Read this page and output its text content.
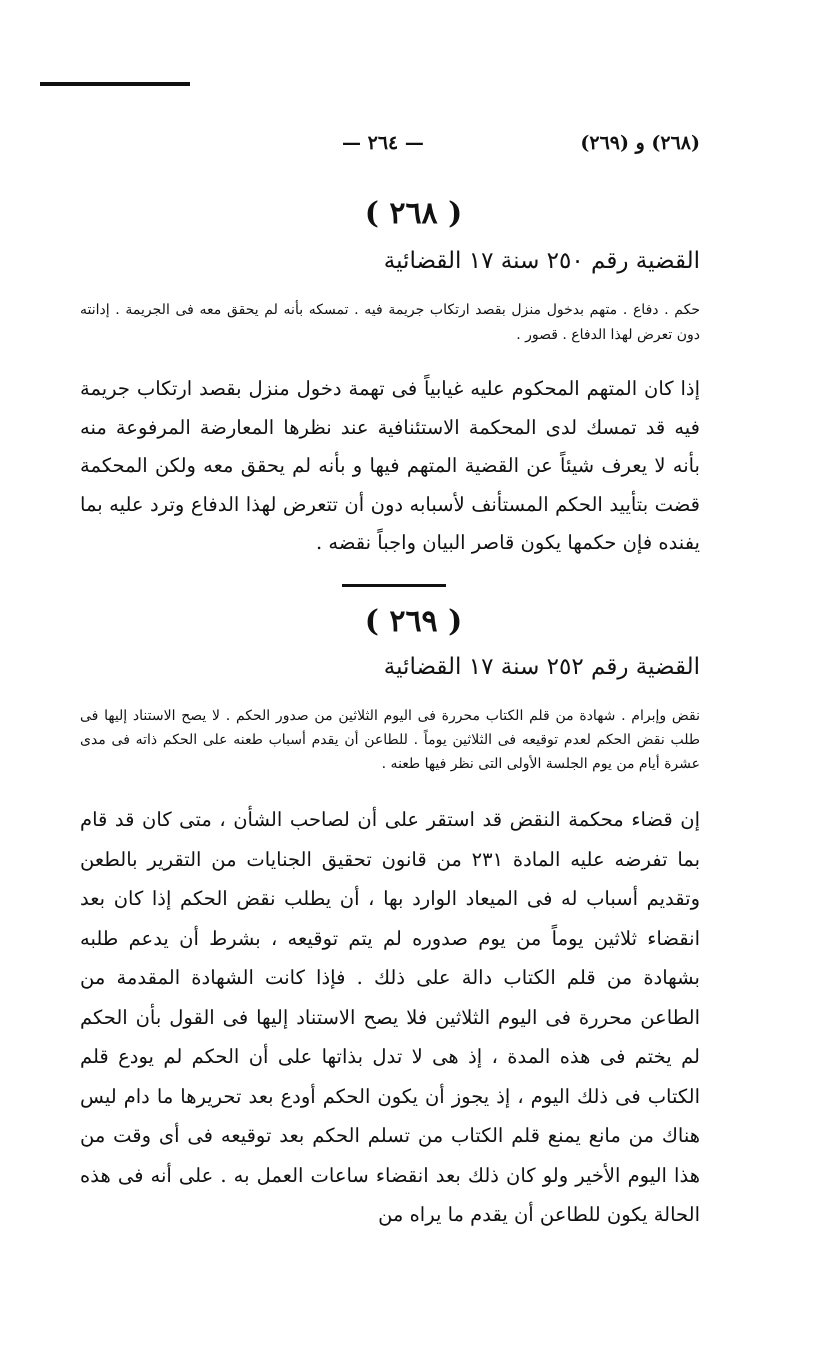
(٢٦٨) و (٢٦٩)
— ٢٦٤ —
( ٢٦٨ )
القضية رقم ٢٥٠ سنة ١٧ القضائية
حكم . دفاع . متهم بدخول منزل بقصد ارتكاب جريمة فيه . تمسكه بأنه لم يحقق معه فى الجريمة . إدانته دون تعرض لهذا الدفاع . قصور .
إذا كان المتهم المحكوم عليه غيابياً فى تهمة دخول منزل بقصد ارتكاب جريمة فيه قد تمسك لدى المحكمة الاستئنافية عند نظرها المعارضة المرفوعة منه بأنه لا يعرف شيئاً عن القضية المتهم فيها و بأنه لم يحقق معه ولكن المحكمة قضت بتأييد الحكم المستأنف لأسبابه دون أن تتعرض لهذا الدفاع وترد عليه بما يفنده فإن حكمها يكون قاصر البيان واجباً نقضه .
( ٢٦٩ )
القضية رقم ٢٥٢ سنة ١٧ القضائية
نقض وإبرام . شهادة من قلم الكتاب محررة فى اليوم الثلاثين من صدور الحكم . لا يصح الاستناد إليها فى طلب نقض الحكم لعدم توقيعه فى الثلاثين يوماً . للطاعن أن يقدم أسباب طعنه على الحكم ذاته فى مدى عشرة أيام من يوم الجلسة الأولى التى نظر فيها طعنه .
إن قضاء محكمة النقض قد استقر على أن لصاحب الشأن ، متى كان قد قام بما تفرضه عليه المادة ٢٣١ من قانون تحقيق الجنايات من التقرير بالطعن وتقديم أسباب له فى الميعاد الوارد بها ، أن يطلب نقض الحكم إذا كان بعد انقضاء ثلاثين يوماً من يوم صدوره لم يتم توقيعه ، بشرط أن يدعم طلبه بشهادة من قلم الكتاب دالة على ذلك . فإذا كانت الشهادة المقدمة من الطاعن محررة فى اليوم الثلاثين فلا يصح الاستناد إليها فى القول بأن الحكم لم يختم فى هذه المدة ، إذ هى لا تدل بذاتها على أن الحكم لم يودع قلم الكتاب فى ذلك اليوم ، إذ يجوز أن يكون الحكم أودع بعد تحريرها ما دام ليس هناك من مانع يمنع قلم الكتاب من تسلم الحكم بعد توقيعه فى أى وقت من هذا اليوم الأخير ولو كان ذلك بعد انقضاء ساعات العمل به . على أنه فى هذه الحالة يكون للطاعن أن يقدم ما يراه من
